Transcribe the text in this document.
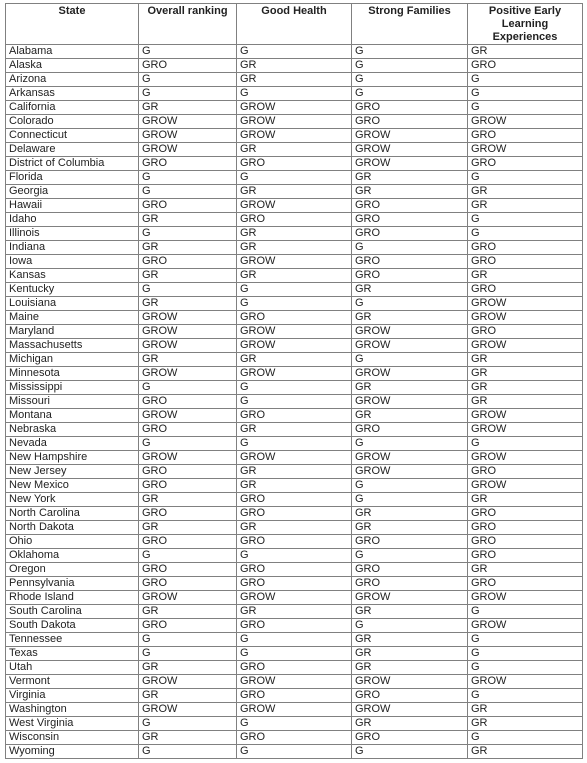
State	Overall ranking	Good Health	Strong Families	Positive Early Learning Experiences
Alabama	G	G	G	GR
Alaska	GRO	GR	G	GRO
Arizona	G	GR	G	G
Arkansas	G	G	G	G
California	GR	GROW	GRO	G
Colorado	GROW	GROW	GRO	GROW
Connecticut	GROW	GROW	GROW	GRO
Delaware	GROW	GR	GROW	GROW
District of Columbia	GRO	GRO	GROW	GRO
Florida	G	G	GR	G
Georgia	G	GR	GR	GR
Hawaii	GRO	GROW	GRO	GR
Idaho	GR	GRO	GRO	G
Illinois	G	GR	GRO	G
Indiana	GR	GR	G	GRO
Iowa	GRO	GROW	GRO	GRO
Kansas	GR	GR	GRO	GR
Kentucky	G	G	GR	GRO
Louisiana	GR	G	G	GROW
Maine	GROW	GRO	GR	GROW
Maryland	GROW	GROW	GROW	GRO
Massachusetts	GROW	GROW	GROW	GROW
Michigan	GR	GR	G	GR
Minnesota	GROW	GROW	GROW	GR
Mississippi	G	G	GR	GR
Missouri	GRO	G	GROW	GR
Montana	GROW	GRO	GR	GROW
Nebraska	GRO	GR	GRO	GROW
Nevada	G	G	G	G
New Hampshire	GROW	GROW	GROW	GROW
New Jersey	GRO	GR	GROW	GRO
New Mexico	GRO	GR	G	GROW
New York	GR	GRO	G	GR
North Carolina	GRO	GRO	GR	GRO
North Dakota	GR	GR	GR	GRO
Ohio	GRO	GRO	GRO	GRO
Oklahoma	G	G	G	GRO
Oregon	GRO	GRO	GRO	GR
Pennsylvania	GRO	GRO	GRO	GRO
Rhode Island	GROW	GROW	GROW	GROW
South Carolina	GR	GR	GR	G
South Dakota	GRO	GRO	G	GROW
Tennessee	G	G	GR	G
Texas	G	G	GR	G
Utah	GR	GRO	GR	G
Vermont	GROW	GROW	GROW	GROW
Virginia	GR	GRO	GRO	G
Washington	GROW	GROW	GROW	GR
West Virginia	G	G	GR	GR
Wisconsin	GR	GRO	GRO	G
Wyoming	G	G	G	GR
